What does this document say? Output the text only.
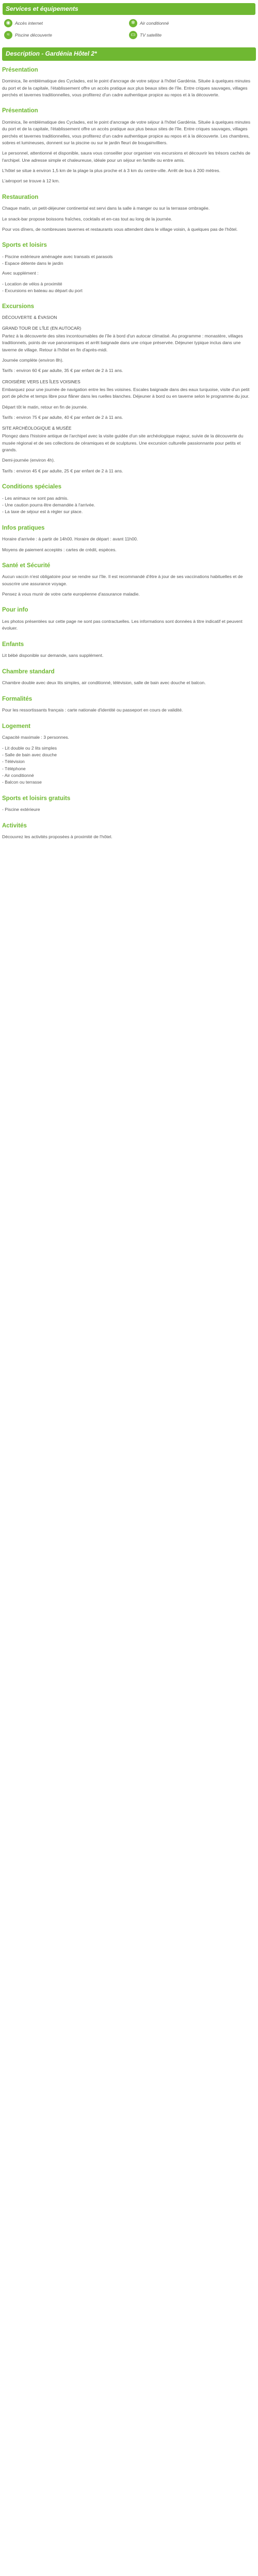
Services et équipements
◉	Accès internet	❄	Air conditionné
≈	Piscine découverte	▭ TV satellite
Description - Gardénia Hôtel 2*
Présentation

Dominica, île emblématique des Cyclades, est le point d'ancrage de votre séjour à l'hôtel Gardénia. Située à quelques minutes du port et de la capitale, l'établissement offre un accès pratique aux plus beaux sites de l'île. Entre criques sauvages, villages perchés et tavernes traditionnelles, vous profiterez d'un cadre authentique propice au repos et à la découverte.

Présentation

Dominica, île emblématique des Cyclades, est le point d'ancrage de votre séjour à l'hôtel Gardénia. Située à quelques minutes du port et de la capitale, l'établissement offre un accès pratique aux plus beaux sites de l'île. Entre criques sauvages, villages perchés et tavernes traditionnelles, vous profiterez d'un cadre authentique propice au repos et à la découverte. Les chambres, sobres et lumineuses, donnent sur la piscine ou sur le jardin fleuri de bougainvilliers.

Le personnel, attentionné et disponible, saura vous conseiller pour organiser vos excursions et découvrir les trésors cachés de l'archipel. Une adresse simple et chaleureuse, idéale pour un séjour en famille ou entre amis.

L'hôtel se situe à environ 1,5 km de la plage la plus proche et à 3 km du centre-ville. Arrêt de bus à 200 mètres.

L'aéroport se trouve à 12 km.

Restauration

Chaque matin, un petit-déjeuner continental est servi dans la salle à manger ou sur la terrasse ombragée.

Le snack-bar propose boissons fraîches, cocktails et en-cas tout au long de la journée.

Pour vos dîners, de nombreuses tavernes et restaurants vous attendent dans le village voisin, à quelques pas de l'hôtel.

Sports et loisirs
- Piscine extérieure aménagée avec transats et parasols
- Espace détente dans le jardin

Avec supplément :

- Location de vélos à proximité
- Excursions en bateau au départ du port
Excursions
DÉCOUVERTE & ÉVASION
GRAND TOUR DE L'ÎLE (EN AUTOCAR)

Partez à la découverte des sites incontournables de l'île à bord d'un autocar climatisé. Au programme : monastère, villages traditionnels, points de vue panoramiques et arrêt baignade dans une crique préservée. Déjeuner typique inclus dans une taverne de village. Retour à l'hôtel en fin d'après-midi.

Journée complète (environ 8h).

Tarifs : environ 60 € par adulte, 35 € par enfant de 2 à 11 ans.

CROISIÈRE VERS LES ÎLES VOISINES

Embarquez pour une journée de navigation entre les îles voisines. Escales baignade dans des eaux turquoise, visite d'un petit port de pêche et temps libre pour flâner dans les ruelles blanches. Déjeuner à bord ou en taverne selon le programme du jour.

Départ tôt le matin, retour en fin de journée.

Tarifs : environ 75 € par adulte, 40 € par enfant de 2 à 11 ans.

SITE ARCHÉOLOGIQUE & MUSÉE

Plongez dans l'histoire antique de l'archipel avec la visite guidée d'un site archéologique majeur, suivie de la découverte du musée régional et de ses collections de céramiques et de sculptures. Une excursion culturelle passionnante pour petits et grands.

Demi-journée (environ 4h).

Tarifs : environ 45 € par adulte, 25 € par enfant de 2 à 11 ans.

Conditions spéciales
- Les animaux ne sont pas admis.
- Une caution pourra être demandée à l'arrivée.
- La taxe de séjour est à régler sur place.
Infos pratiques

Horaire d'arrivée : à partir de 14h00. Horaire de départ : avant 11h00.

Moyens de paiement acceptés : cartes de crédit, espèces.

Santé et Sécurité

Aucun vaccin n'est obligatoire pour se rendre sur l'île. Il est recommandé d'être à jour de ses vaccinations habituelles et de souscrire une assurance voyage.

Pensez à vous munir de votre carte européenne d'assurance maladie.

Pour info

Les photos présentées sur cette page ne sont pas contractuelles. Les informations sont données à titre indicatif et peuvent évoluer.

Enfants

Lit bébé disponible sur demande, sans supplément.

Chambre standard

Chambre double avec deux lits simples, air conditionné, télévision, salle de bain avec douche et balcon.

Formalités

Pour les ressortissants français : carte nationale d'identité ou passeport en cours de validité.

Logement

Capacité maximale : 3 personnes.

- Lit double ou 2 lits simples
- Salle de bain avec douche
- Télévision
- Téléphone
- Air conditionné
- Balcon ou terrasse
Sports et loisirs gratuits
- Piscine extérieure
Activités

Découvrez les activités proposées à proximité de l'hôtel.
